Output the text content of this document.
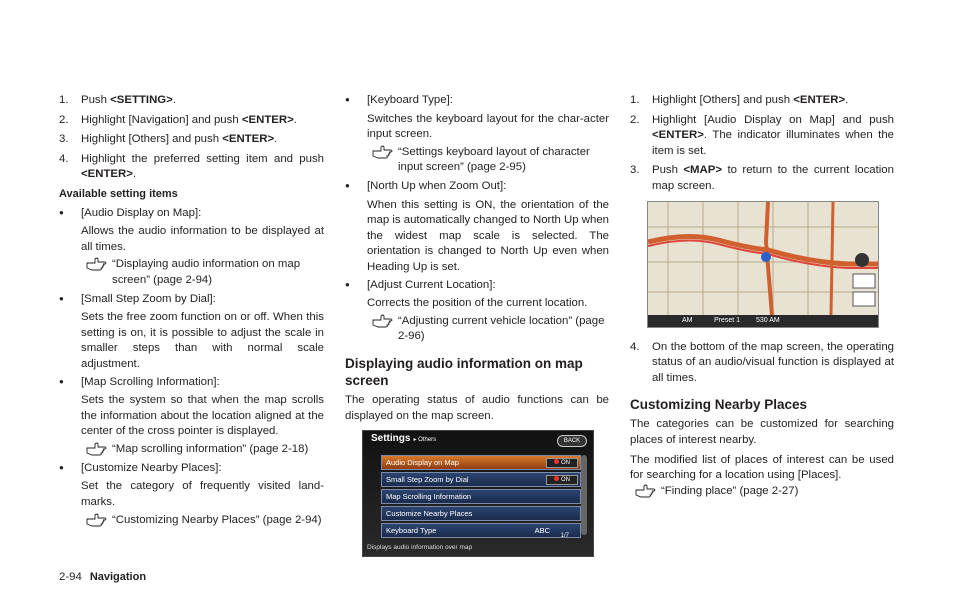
1.	Push <SETTING>.
2.	Highlight [Navigation] and push <ENTER>.
3.	Highlight [Others] and push <ENTER>.
4.	Highlight the preferred setting item and push <ENTER>.
Available setting items
●
[Audio Display on Map]:
Allows the audio information to be displayed at all times.
“Displaying audio information on map screen” (page 2-94)
●
[Small Step Zoom by Dial]:
Sets the free zoom function on or off. When this setting is on, it is possible to adjust the scale in smaller steps than with normal scale adjustment.
●
[Map Scrolling Information]:
Sets the system so that when the map scrolls the information about the location aligned at the center of the cross pointer is displayed.
“Map scrolling information” (page 2-18)
●
[Customize Nearby Places]:
Set the category of frequently visited land-marks.
“Customizing Nearby Places” (page 2-94)
●
[Keyboard Type]:
Switches the keyboard layout for the char-acter input screen.
“Settings keyboard layout of character input screen” (page 2-95)
●
[North Up when Zoom Out]:
When this setting is ON, the orientation of the map is automatically changed to North Up when the widest map scale is selected. The orientation is changed to North Up even when Heading Up is set.
●
[Adjust Current Location]:
Corrects the position of the current location.
“Adjusting current vehicle location” (page 2-96)
Displaying audio information on map screen
The operating status of audio functions can be displayed on the map screen.
Settings ▸ Others	BACK
Audio Display on Map	ON
Small Step Zoom by Dial	ON
Map Scrolling Information
Customize Nearby Places
Keyboard Type	ABC
1/7
Displays audio information over map
1.	Highlight [Others] and push <ENTER>.
2.	Highlight [Audio Display on Map] and push <ENTER>. The indicator illuminates when the item is set.
3.	Push <MAP> to return to the current location map screen.
AM	Preset 1 530 AM
4.	On the bottom of the map screen, the operating status of an audio/visual function is displayed at all times.
Customizing Nearby Places
The categories can be customized for searching places of interest nearby.
The modified list of places of interest can be used for searching for a location using [Places].
“Finding place” (page 2-27)
2-94 Navigation
